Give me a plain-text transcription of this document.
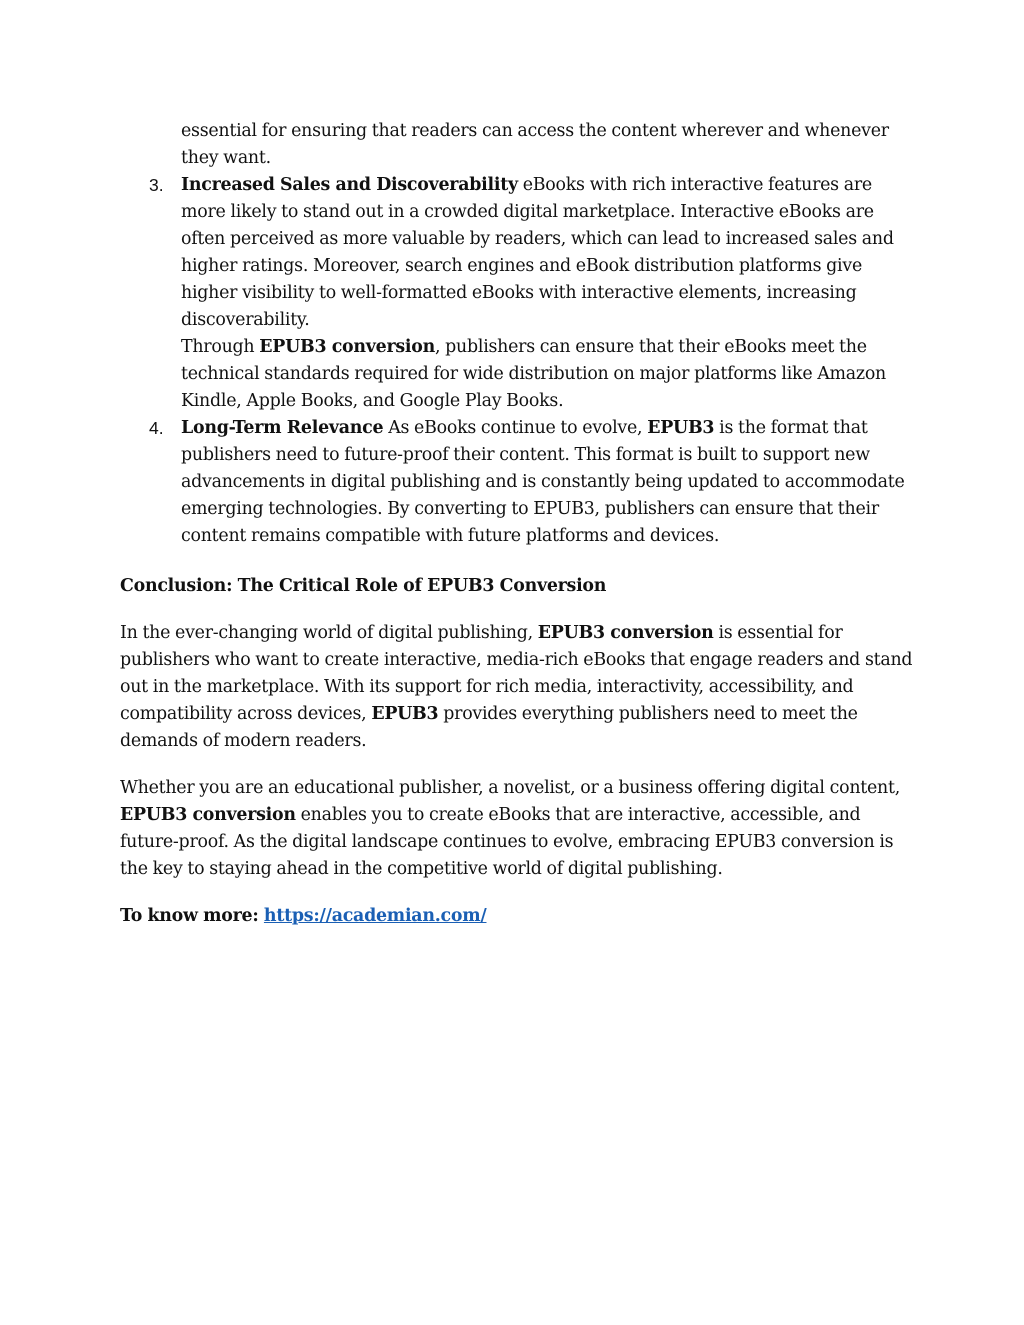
essential for ensuring that readers can access the content wherever and whenever they want.

3. Increased Sales and Discoverability eBooks with rich interactive features are more likely to stand out in a crowded digital marketplace. Interactive eBooks are often perceived as more valuable by readers, which can lead to increased sales and higher ratings. Moreover, search engines and eBook distribution platforms give higher visibility to well-formatted eBooks with interactive elements, increasing discoverability.
Through EPUB3 conversion, publishers can ensure that their eBooks meet the technical standards required for wide distribution on major platforms like Amazon Kindle, Apple Books, and Google Play Books.
4. Long-Term Relevance As eBooks continue to evolve, EPUB3 is the format that publishers need to future-proof their content. This format is built to support new advancements in digital publishing and is constantly being updated to accommodate emerging technologies. By converting to EPUB3, publishers can ensure that their content remains compatible with future platforms and devices.
Conclusion: The Critical Role of EPUB3 Conversion

In the ever-changing world of digital publishing, EPUB3 conversion is essential for publishers who want to create interactive, media-rich eBooks that engage readers and stand out in the marketplace. With its support for rich media, interactivity, accessibility, and compatibility across devices, EPUB3 provides everything publishers need to meet the demands of modern readers.

Whether you are an educational publisher, a novelist, or a business offering digital content, EPUB3 conversion enables you to create eBooks that are interactive, accessible, and future-proof. As the digital landscape continues to evolve, embracing EPUB3 conversion is the key to staying ahead in the competitive world of digital publishing.

To know more: https://academian.com/
